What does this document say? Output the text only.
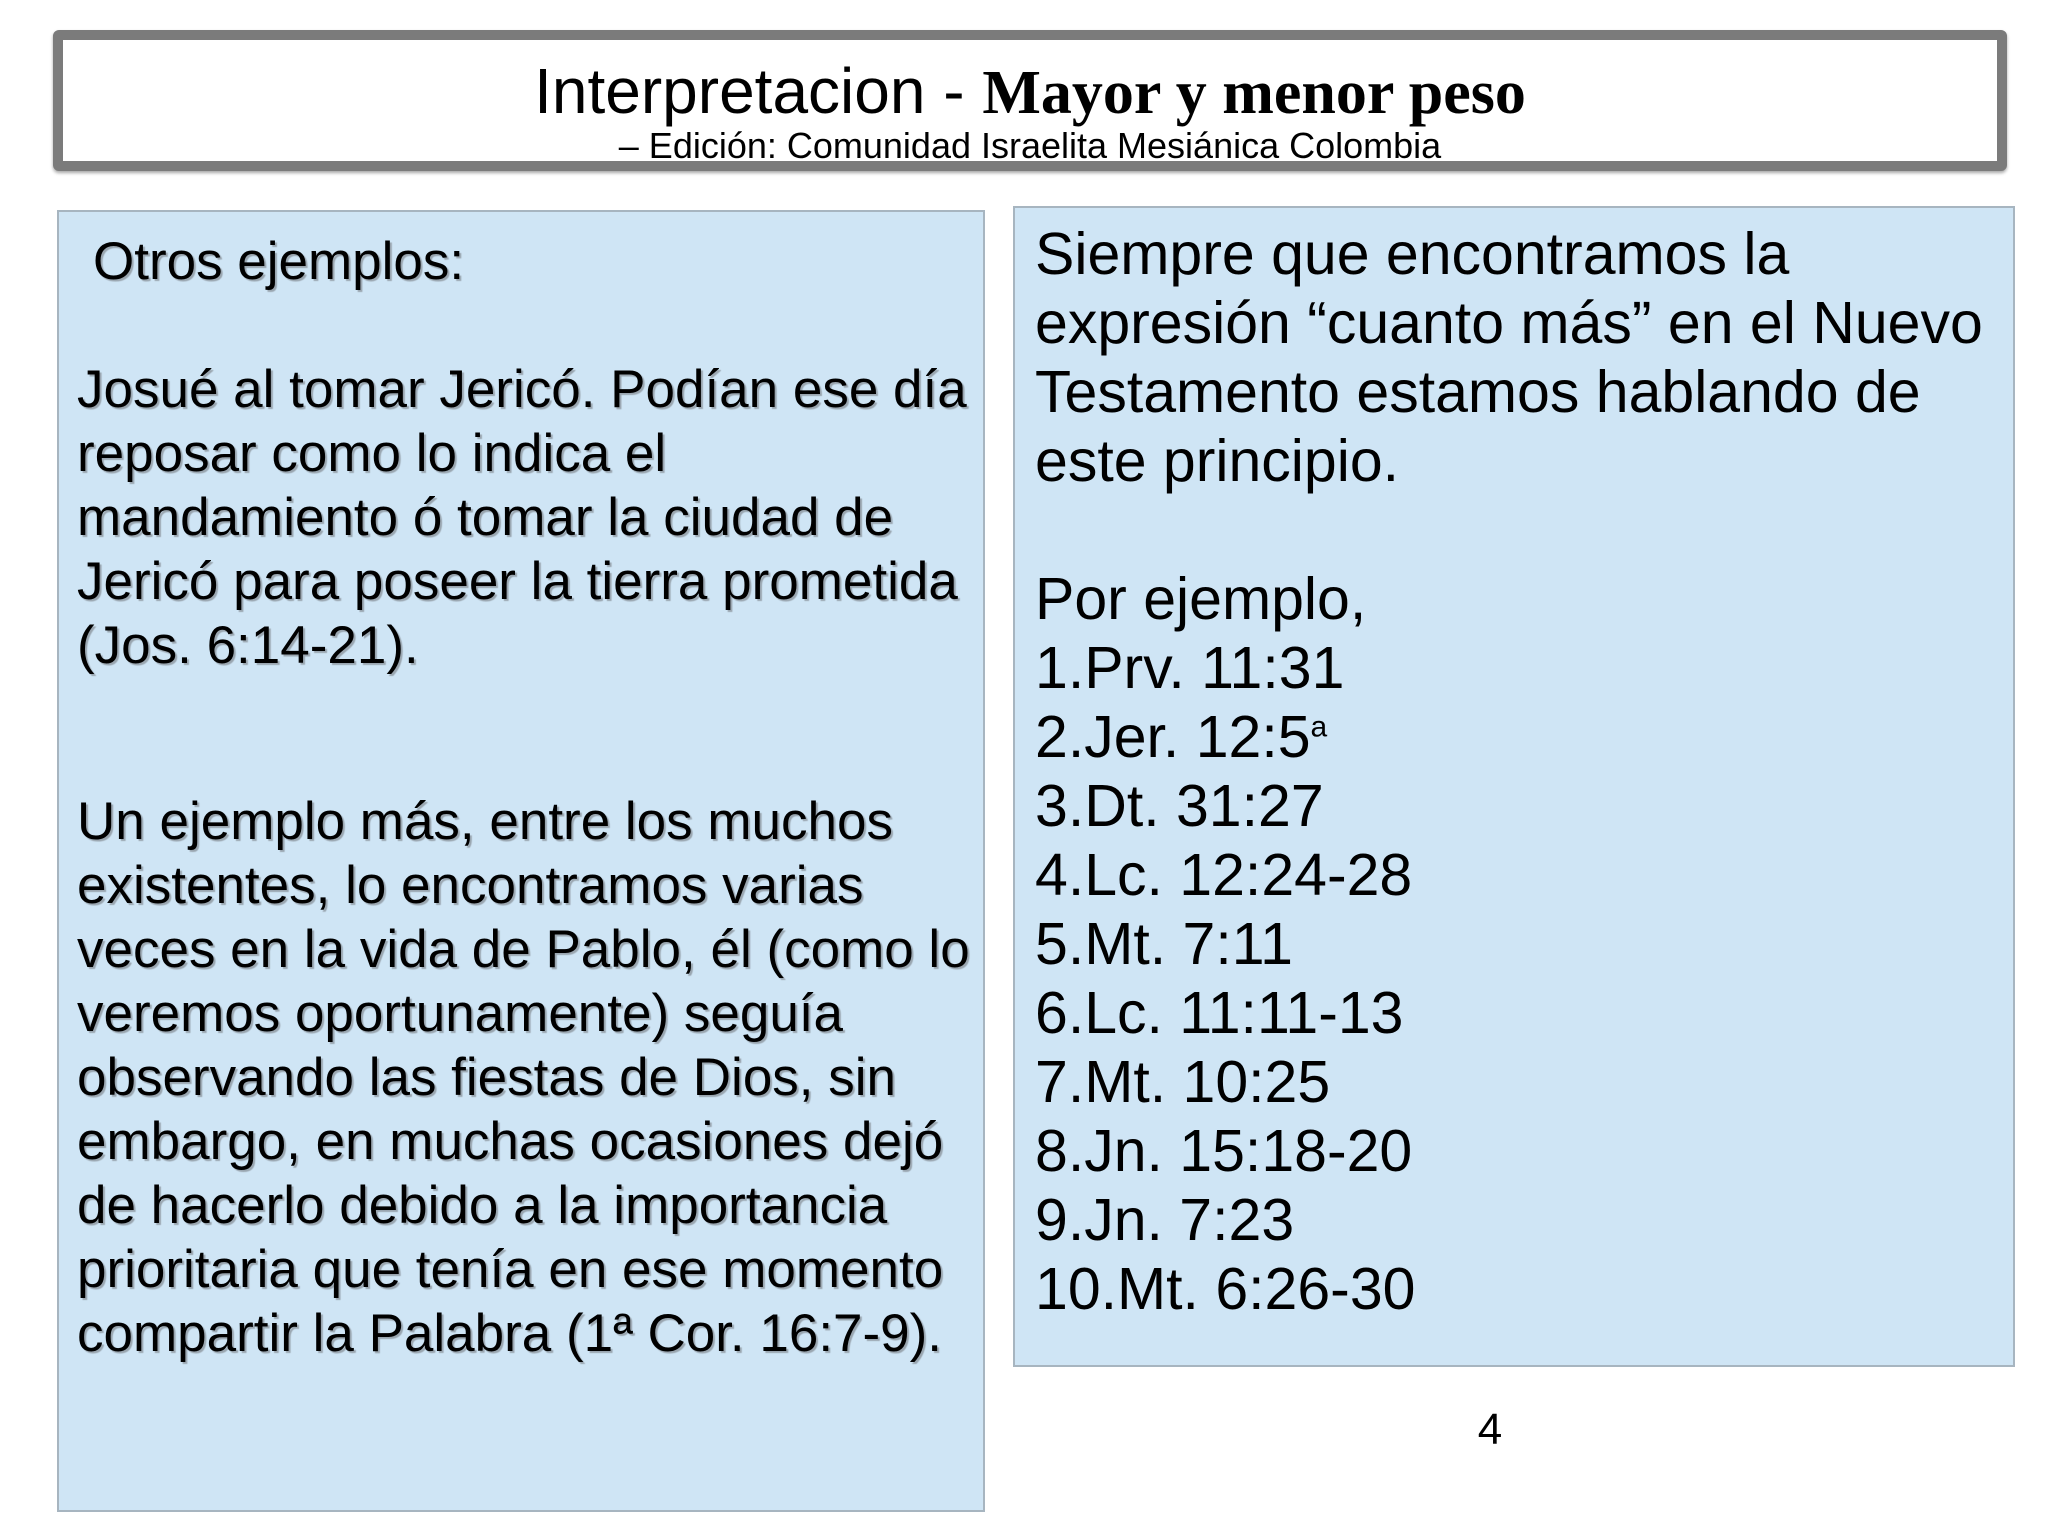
Interpretacion - Mayor y menor peso
– Edición: Comunidad Israelita Mesiánica Colombia

Otros ejemplos:

Josué al tomar Jericó. Podían ese día reposar como lo indica el mandamiento ó tomar la ciudad de Jericó para poseer la tierra prometida (Jos. 6:14-21).

Un ejemplo más, entre los muchos existentes, lo encontramos varias veces en la vida de Pablo, él (como lo veremos oportunamente) seguía observando las fiestas de Dios, sin embargo, en muchas ocasiones dejó de hacerlo debido a la importancia prioritaria que tenía en ese momento compartir la Palabra (1ª Cor. 16:7-9).

Siempre que encontramos la expresión “cuanto más” en el Nuevo Testamento estamos hablando de este principio.

Por ejemplo,

1.Prv. 11:31
2.Jer. 12:5$^a$
3.Dt. 31:27
4.Lc. 12:24-28
5.Mt. 7:11
6.Lc. 11:11-13
7.Mt. 10:25
8.Jn. 15:18-20
9.Jn. 7:23
10.Mt. 6:26-30
4
